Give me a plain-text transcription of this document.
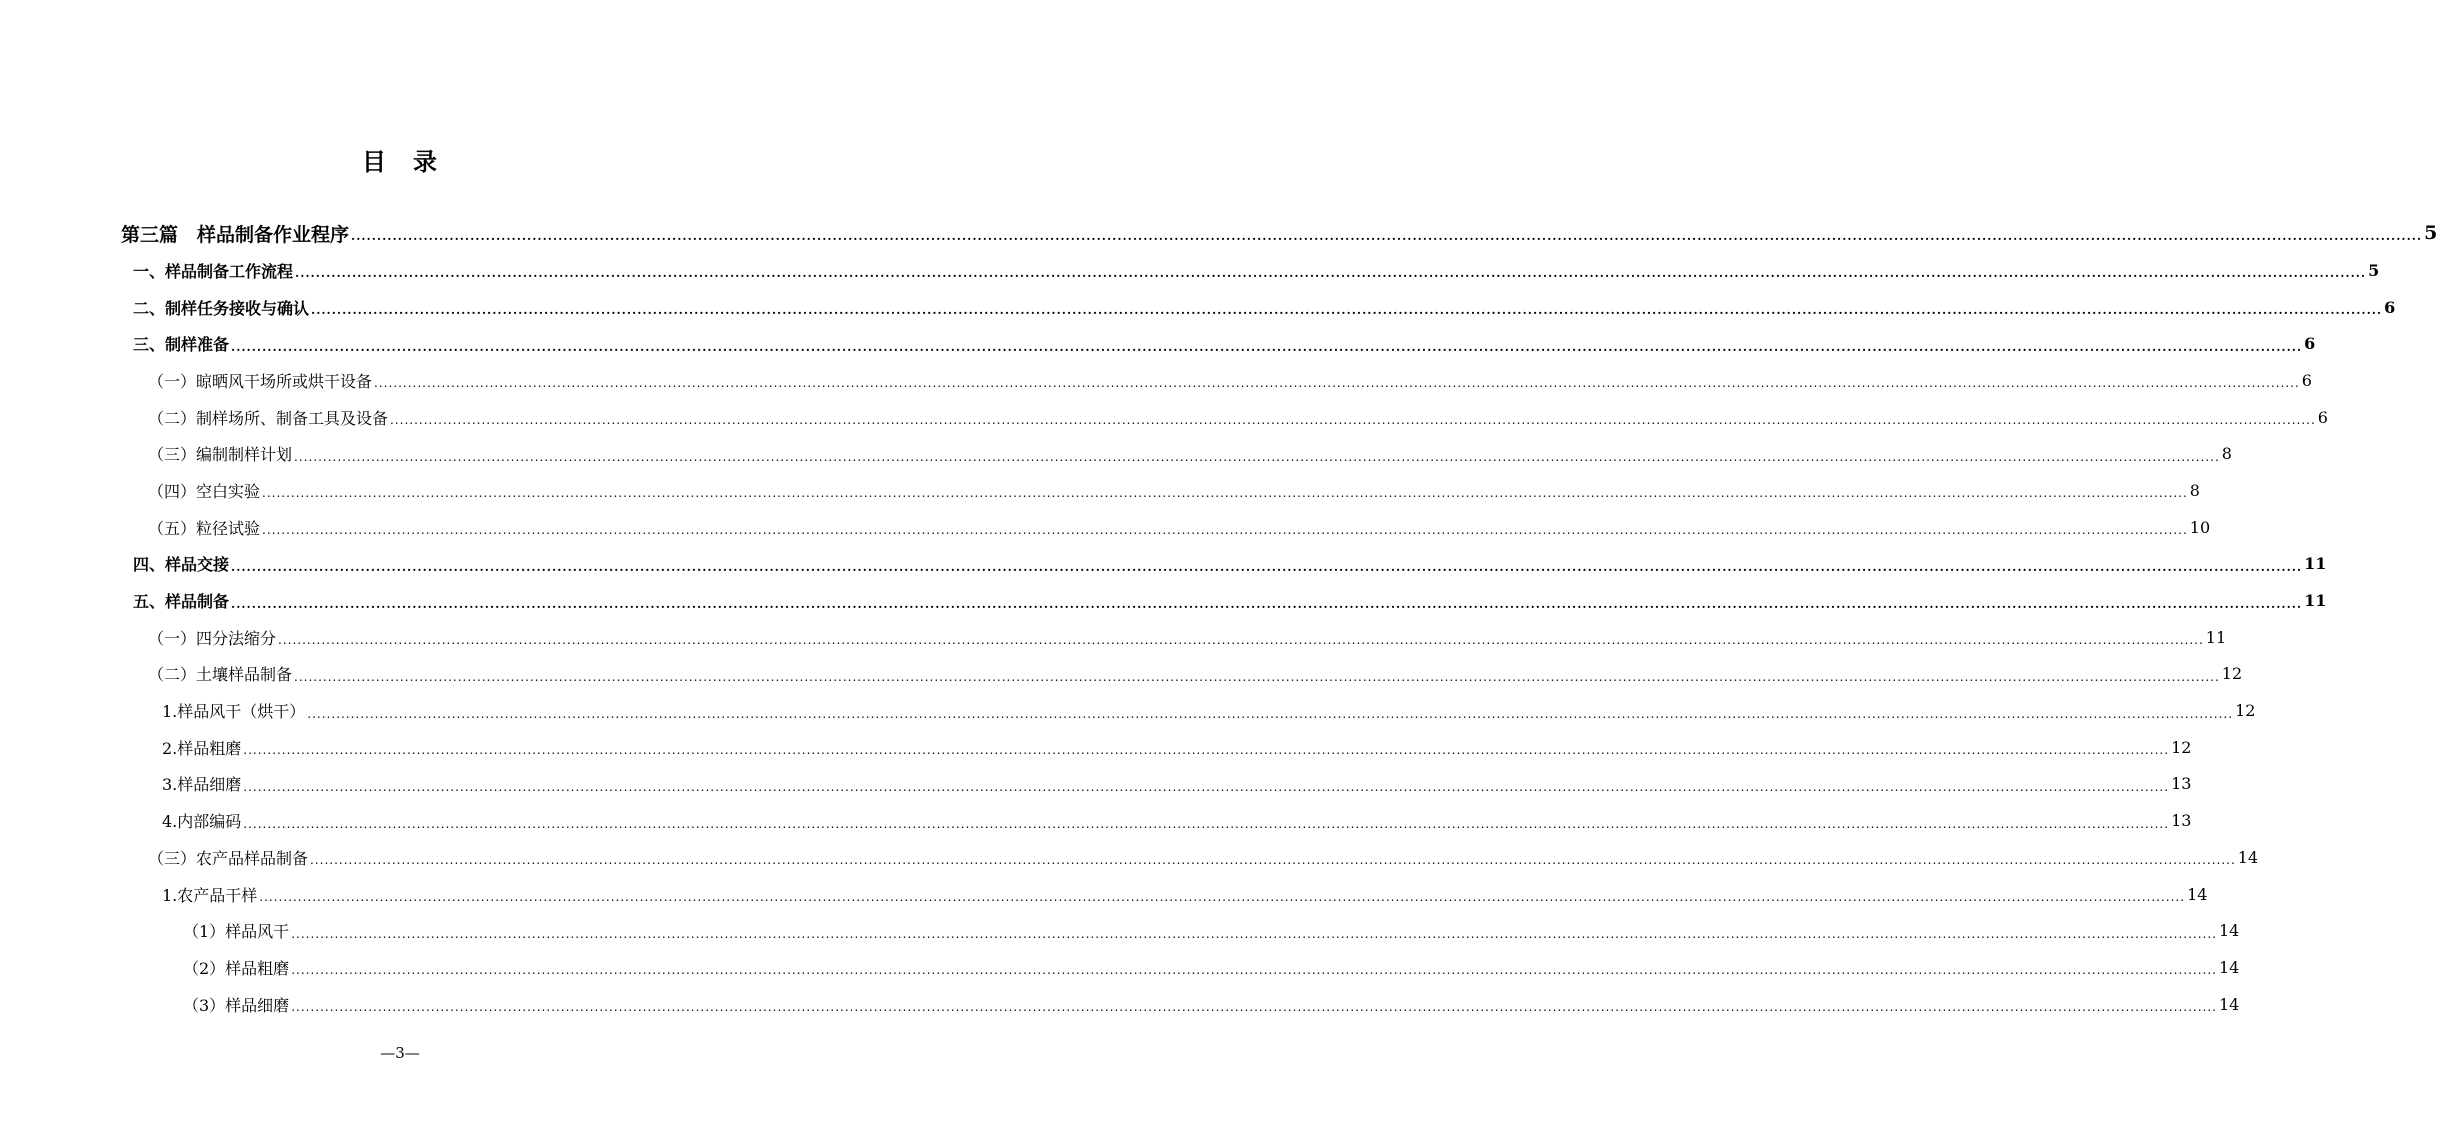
目 录
第三篇　样品制备作业程序 ................................................................................................................................................................................................................................................................................................................................................................................................................ 5
一、样品制备工作流程 ................................................................................................................................................................................................................................................................................................................................................................................................................ 5
二、制样任务接收与确认 ................................................................................................................................................................................................................................................................................................................................................................................................................ 6
三、制样准备 ................................................................................................................................................................................................................................................................................................................................................................................................................ 6
（一）晾晒风干场所或烘干设备 ................................................................................................................................................................................................................................................................................................................................................................................................................ 6
（二）制样场所、制备工具及设备 ................................................................................................................................................................................................................................................................................................................................................................................................................ 6
（三）编制制样计划 ................................................................................................................................................................................................................................................................................................................................................................................................................ 8
（四）空白实验 ................................................................................................................................................................................................................................................................................................................................................................................................................ 8
（五）粒径试验 ................................................................................................................................................................................................................................................................................................................................................................................................................ 10
四、样品交接 ................................................................................................................................................................................................................................................................................................................................................................................................................ 11
五、样品制备 ................................................................................................................................................................................................................................................................................................................................................................................................................ 11
（一）四分法缩分 ................................................................................................................................................................................................................................................................................................................................................................................................................ 11
（二）土壤样品制备 ................................................................................................................................................................................................................................................................................................................................................................................................................ 12
1.样品风干（烘干） ................................................................................................................................................................................................................................................................................................................................................................................................................ 12
2.样品粗磨 ................................................................................................................................................................................................................................................................................................................................................................................................................ 12
3.样品细磨 ................................................................................................................................................................................................................................................................................................................................................................................................................ 13
4.内部编码 ................................................................................................................................................................................................................................................................................................................................................................................................................ 13
（三）农产品样品制备 ................................................................................................................................................................................................................................................................................................................................................................................................................ 14
1.农产品干样 ................................................................................................................................................................................................................................................................................................................................................................................................................ 14
（1）样品风干 ................................................................................................................................................................................................................................................................................................................................................................................................................ 14
（2）样品粗磨 ................................................................................................................................................................................................................................................................................................................................................................................................................ 14
（3）样品细磨 ................................................................................................................................................................................................................................................................................................................................................................................................................ 14
—3—
